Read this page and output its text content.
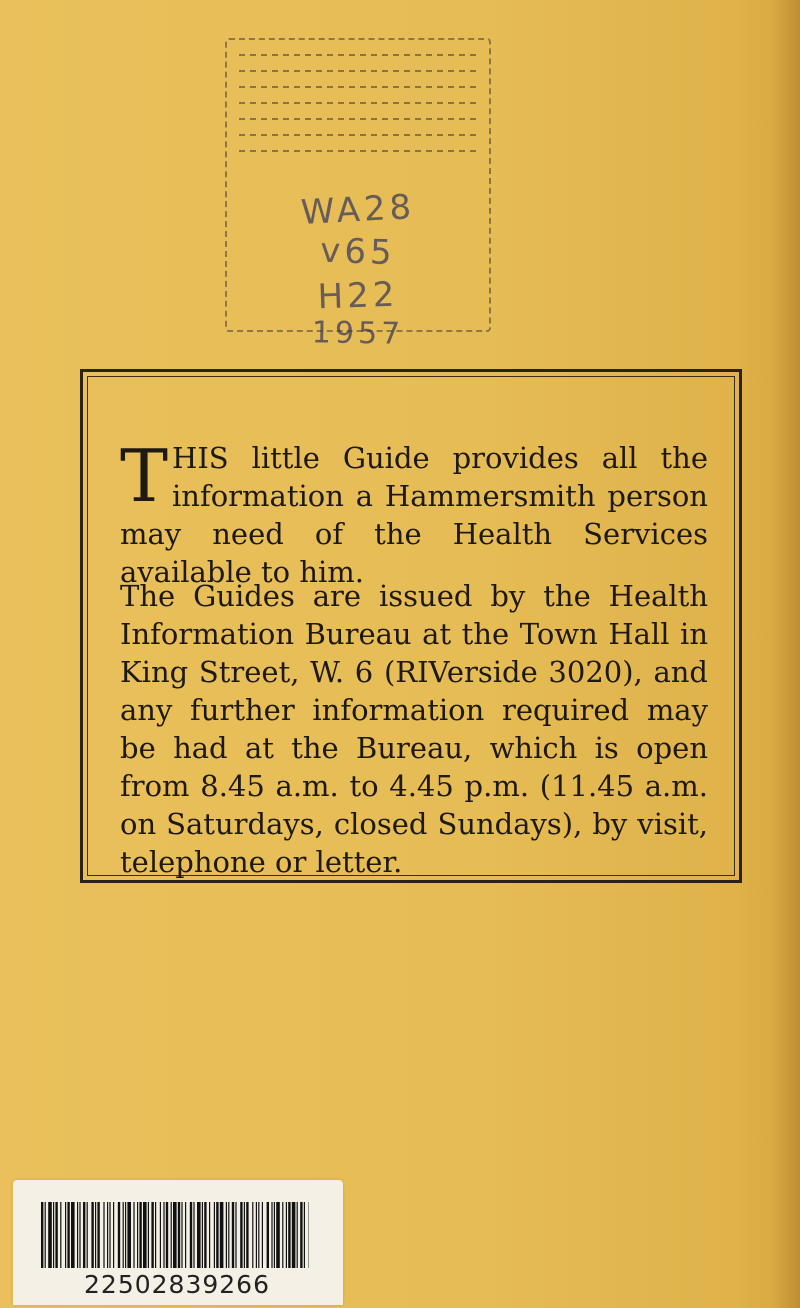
WA28
v65
H22
1957

THIS little Guide provides all the information a Hammersmith person may need of the Health Services available to him.

The Guides are issued by the Health Information Bureau at the Town Hall in King Street, W. 6 (RIVerside 3020), and any further information required may be had at the Bureau, which is open from 8.45 a.m. to 4.45 p.m. (11.45 a.m. on Saturdays, closed Sundays), by visit, telephone or letter.

22502839266
